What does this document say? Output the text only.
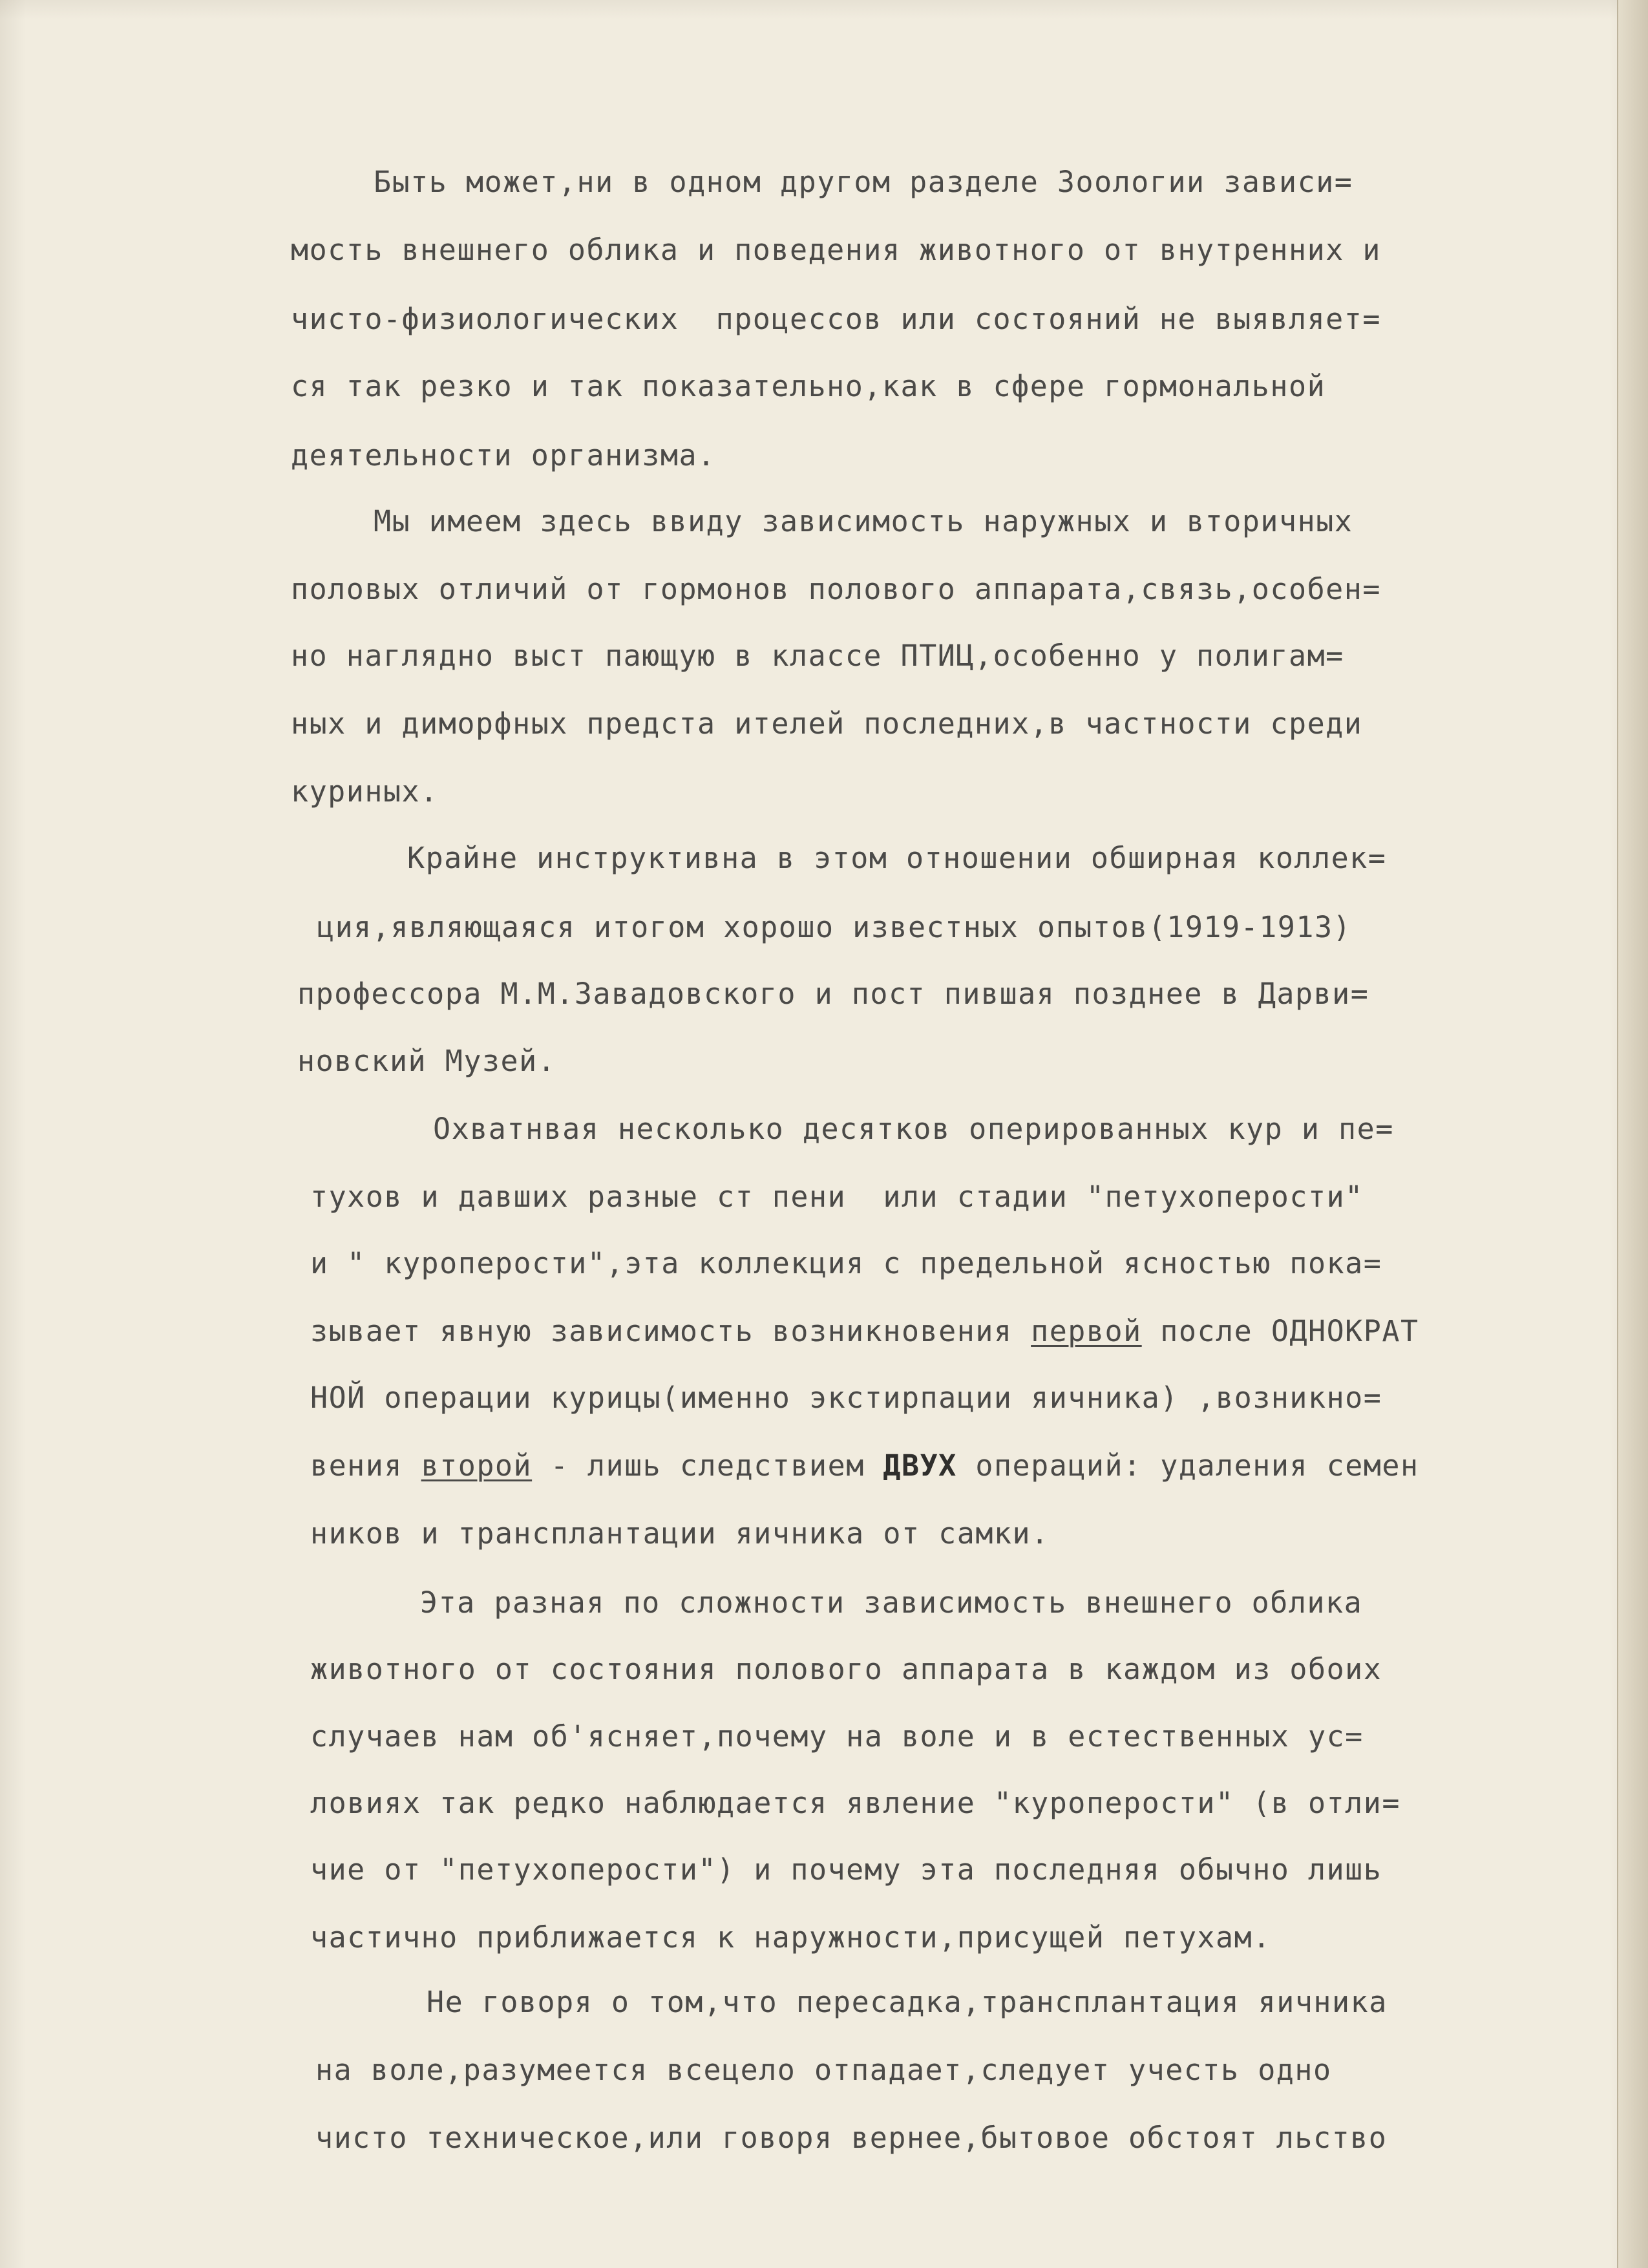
Быть может,ни в одном другом разделе Зоологии зависи=

мость внешнего облика и поведения животного от внутренних и

чисто-физиологических  процессов или состояний не выявляет=

ся так резко и так показательно,как в сфере гормональной

деятельности организма.

Мы имеем здесь ввиду зависимость наружных и вторичных

половых отличий от гормонов полового аппарата,связь,особен=

но наглядно выст пающую в классе ПТИЦ,особенно у полигам=

ных и диморфных предста ителей последних,в частности среди

куриных.

Крайне инструктивна в этом отношении обширная коллек=

ция,являющаяся итогом хорошо известных опытов(1919-1913)

профессора М.М.Завадовского и пост пившая позднее в Дарви=

новский Музей.

Охватнвая несколько десятков оперированных кур и пе=

тухов и давших разные ст пени  или стадии "петухоперости"

и " куроперости",эта коллекция с предельной ясностью пока=

зывает явную зависимость возникновения первой после ОДНОКРАТ

НОЙ операции курицы(именно экстирпации яичника) ,возникно=

вения второй - лишь следствием ДВУХ операций: удаления семен

ников и трансплантации яичника от самки.

Эта разная по сложности зависимость внешнего облика

животного от состояния полового аппарата в каждом из обоих

случаев нам об'ясняет,почему на воле и в естественных ус=

ловиях так редко наблюдается явление "куроперости" (в отли=

чие от "петухоперости") и почему эта последняя обычно лишь

частично приближается к наружности,присущей петухам.

Не говоря о том,что пересадка,трансплантация яичника

на воле,разумеется всецело отпадает,следует учесть одно

чисто техническое,или говоря вернее,бытовое обстоят льство
